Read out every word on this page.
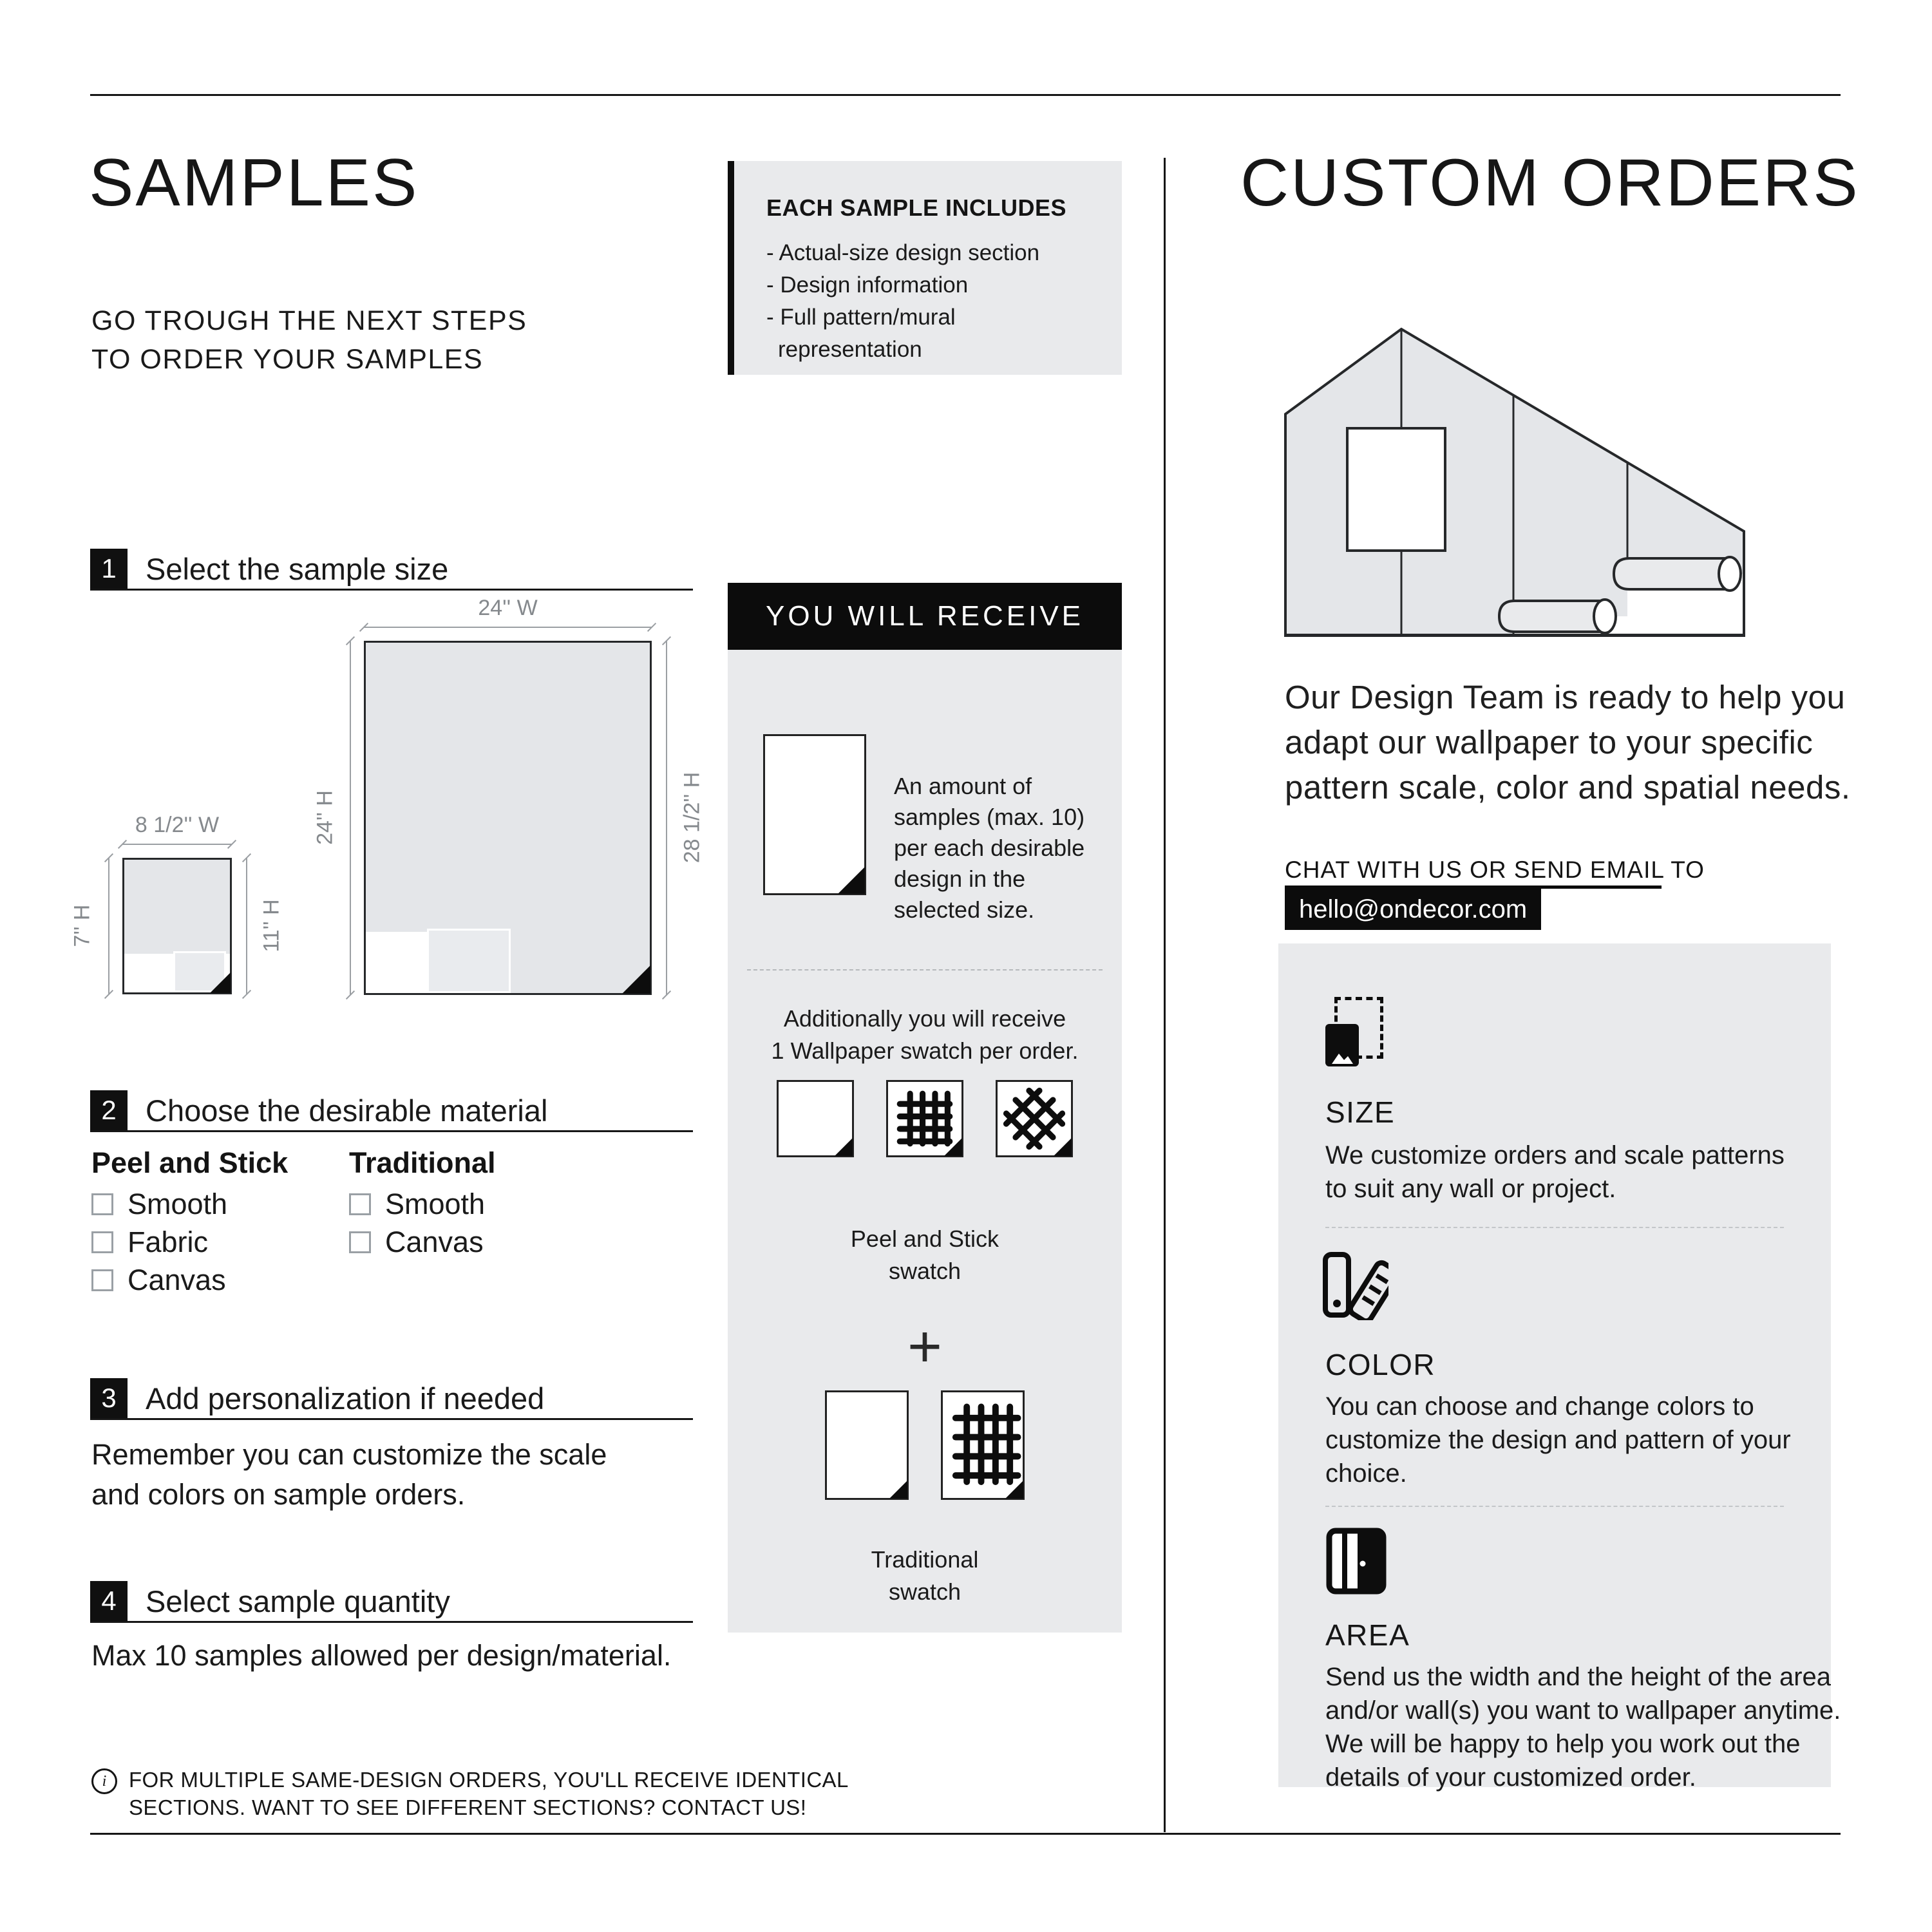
SAMPLES
GO TROUGH THE NEXT STEPS
TO ORDER YOUR SAMPLES
1 Select the sample size
24'' W
24'' H	28 1/2'' H
8 1/2'' W
7'' H	11'' H
2 Choose the desirable material
Peel and Stick Traditional
Smooth
Fabric
Canvas
Smooth
Canvas
3 Add personalization if needed
Remember you can customize the scale
and colors on sample orders.
4 Select sample quantity
Max 10 samples allowed per design/material.
i	FOR MULTIPLE SAME-DESIGN ORDERS, YOU'LL RECEIVE IDENTICAL
SECTIONS. WANT TO SEE DIFFERENT SECTIONS? CONTACT US!
EACH SAMPLE INCLUDES
- Actual-size design section
- Design information
- Full pattern/mural
representation
YOU WILL RECEIVE
An amount of
samples (max. 10)
per each desirable
design in the
selected size.
Additionally you will receive
1 Wallpaper swatch per order.
Peel and Stick
swatch
+
Traditional
swatch
CUSTOM ORDERS
Our Design Team is ready to help you
adapt our wallpaper to your specific
pattern scale, color and spatial needs.
CHAT WITH US OR SEND EMAIL TO
hello@ondecor.com
SIZE
We customize orders and scale patterns
to suit any wall or project.
COLOR
You can choose and change colors to
customize the design and pattern of your
choice.
AREA
Send us the width and the height of the area
and/or wall(s) you want to wallpaper anytime.
We will be happy to help you work out the
details of your customized order.
